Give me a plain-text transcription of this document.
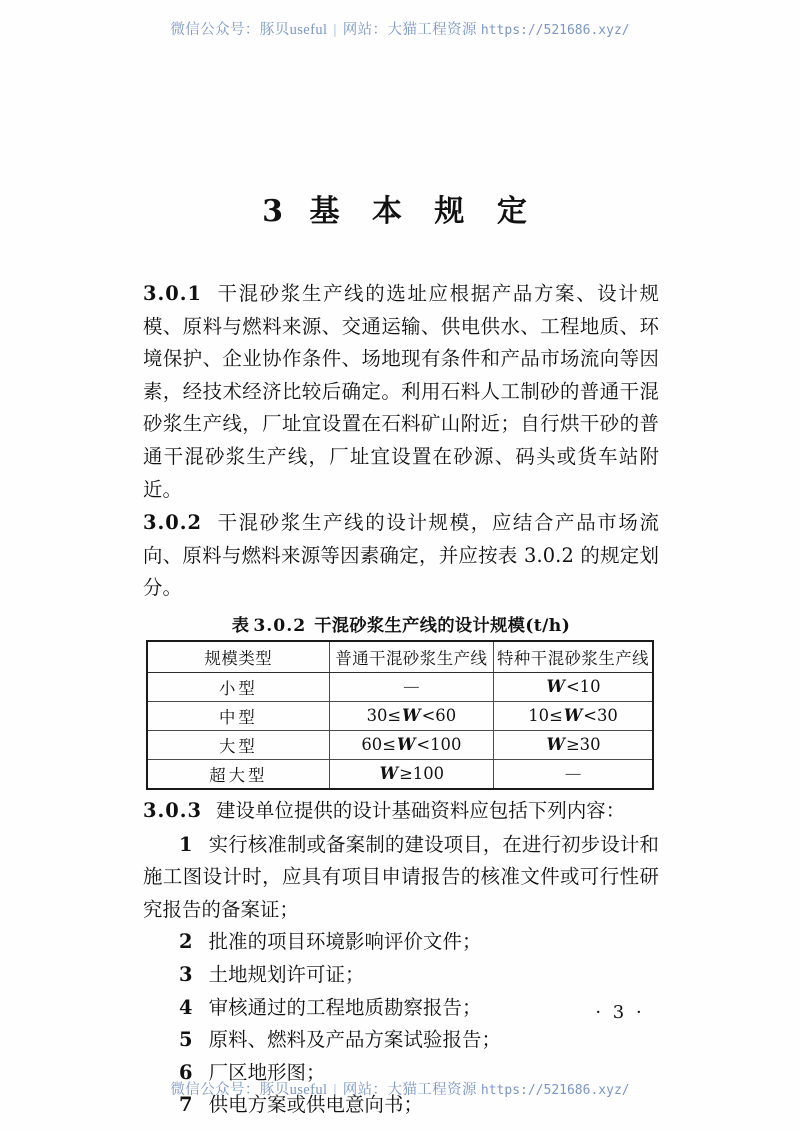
微信公众号：豚贝useful | 网站：大猫工程资源 https://521686.xyz/
3 基 本 规 定

3.0.1 干混砂浆生产线的选址应根据产品方案、设计规模、原料与燃料来源、交通运输、供电供水、工程地质、环境保护、企业协作条件、场地现有条件和产品市场流向等因素，经技术经济比较后确定。利用石料人工制砂的普通干混砂浆生产线，厂址宜设置在石料矿山附近；自行烘干砂的普通干混砂浆生产线，厂址宜设置在砂源、码头或货车站附近。

3.0.2 干混砂浆生产线的设计规模，应结合产品市场流向、原料与燃料来源等因素确定，并应按表 3.0.2 的规定划分。

表 3.0.2 干混砂浆生产线的设计规模(t/h)
规模类型	普通干混砂浆生产线	特种干混砂浆生产线
小型	—	W<10
中型	30≤W<60	10≤W<30
大型	60≤W<100	W≥30
超大型	W≥100	—

3.0.3 建设单位提供的设计基础资料应包括下列内容：

1 实行核准制或备案制的建设项目，在进行初步设计和施工图设计时，应具有项目申请报告的核准文件或可行性研究报告的备案证；

2 批准的项目环境影响评价文件；

3 土地规划许可证；

4 审核通过的工程地质勘察报告；

5 原料、燃料及产品方案试验报告；

6 厂区地形图；

7 供电方案或供电意向书；

· 3 ·
微信公众号：豚贝useful | 网站：大猫工程资源 https://521686.xyz/
